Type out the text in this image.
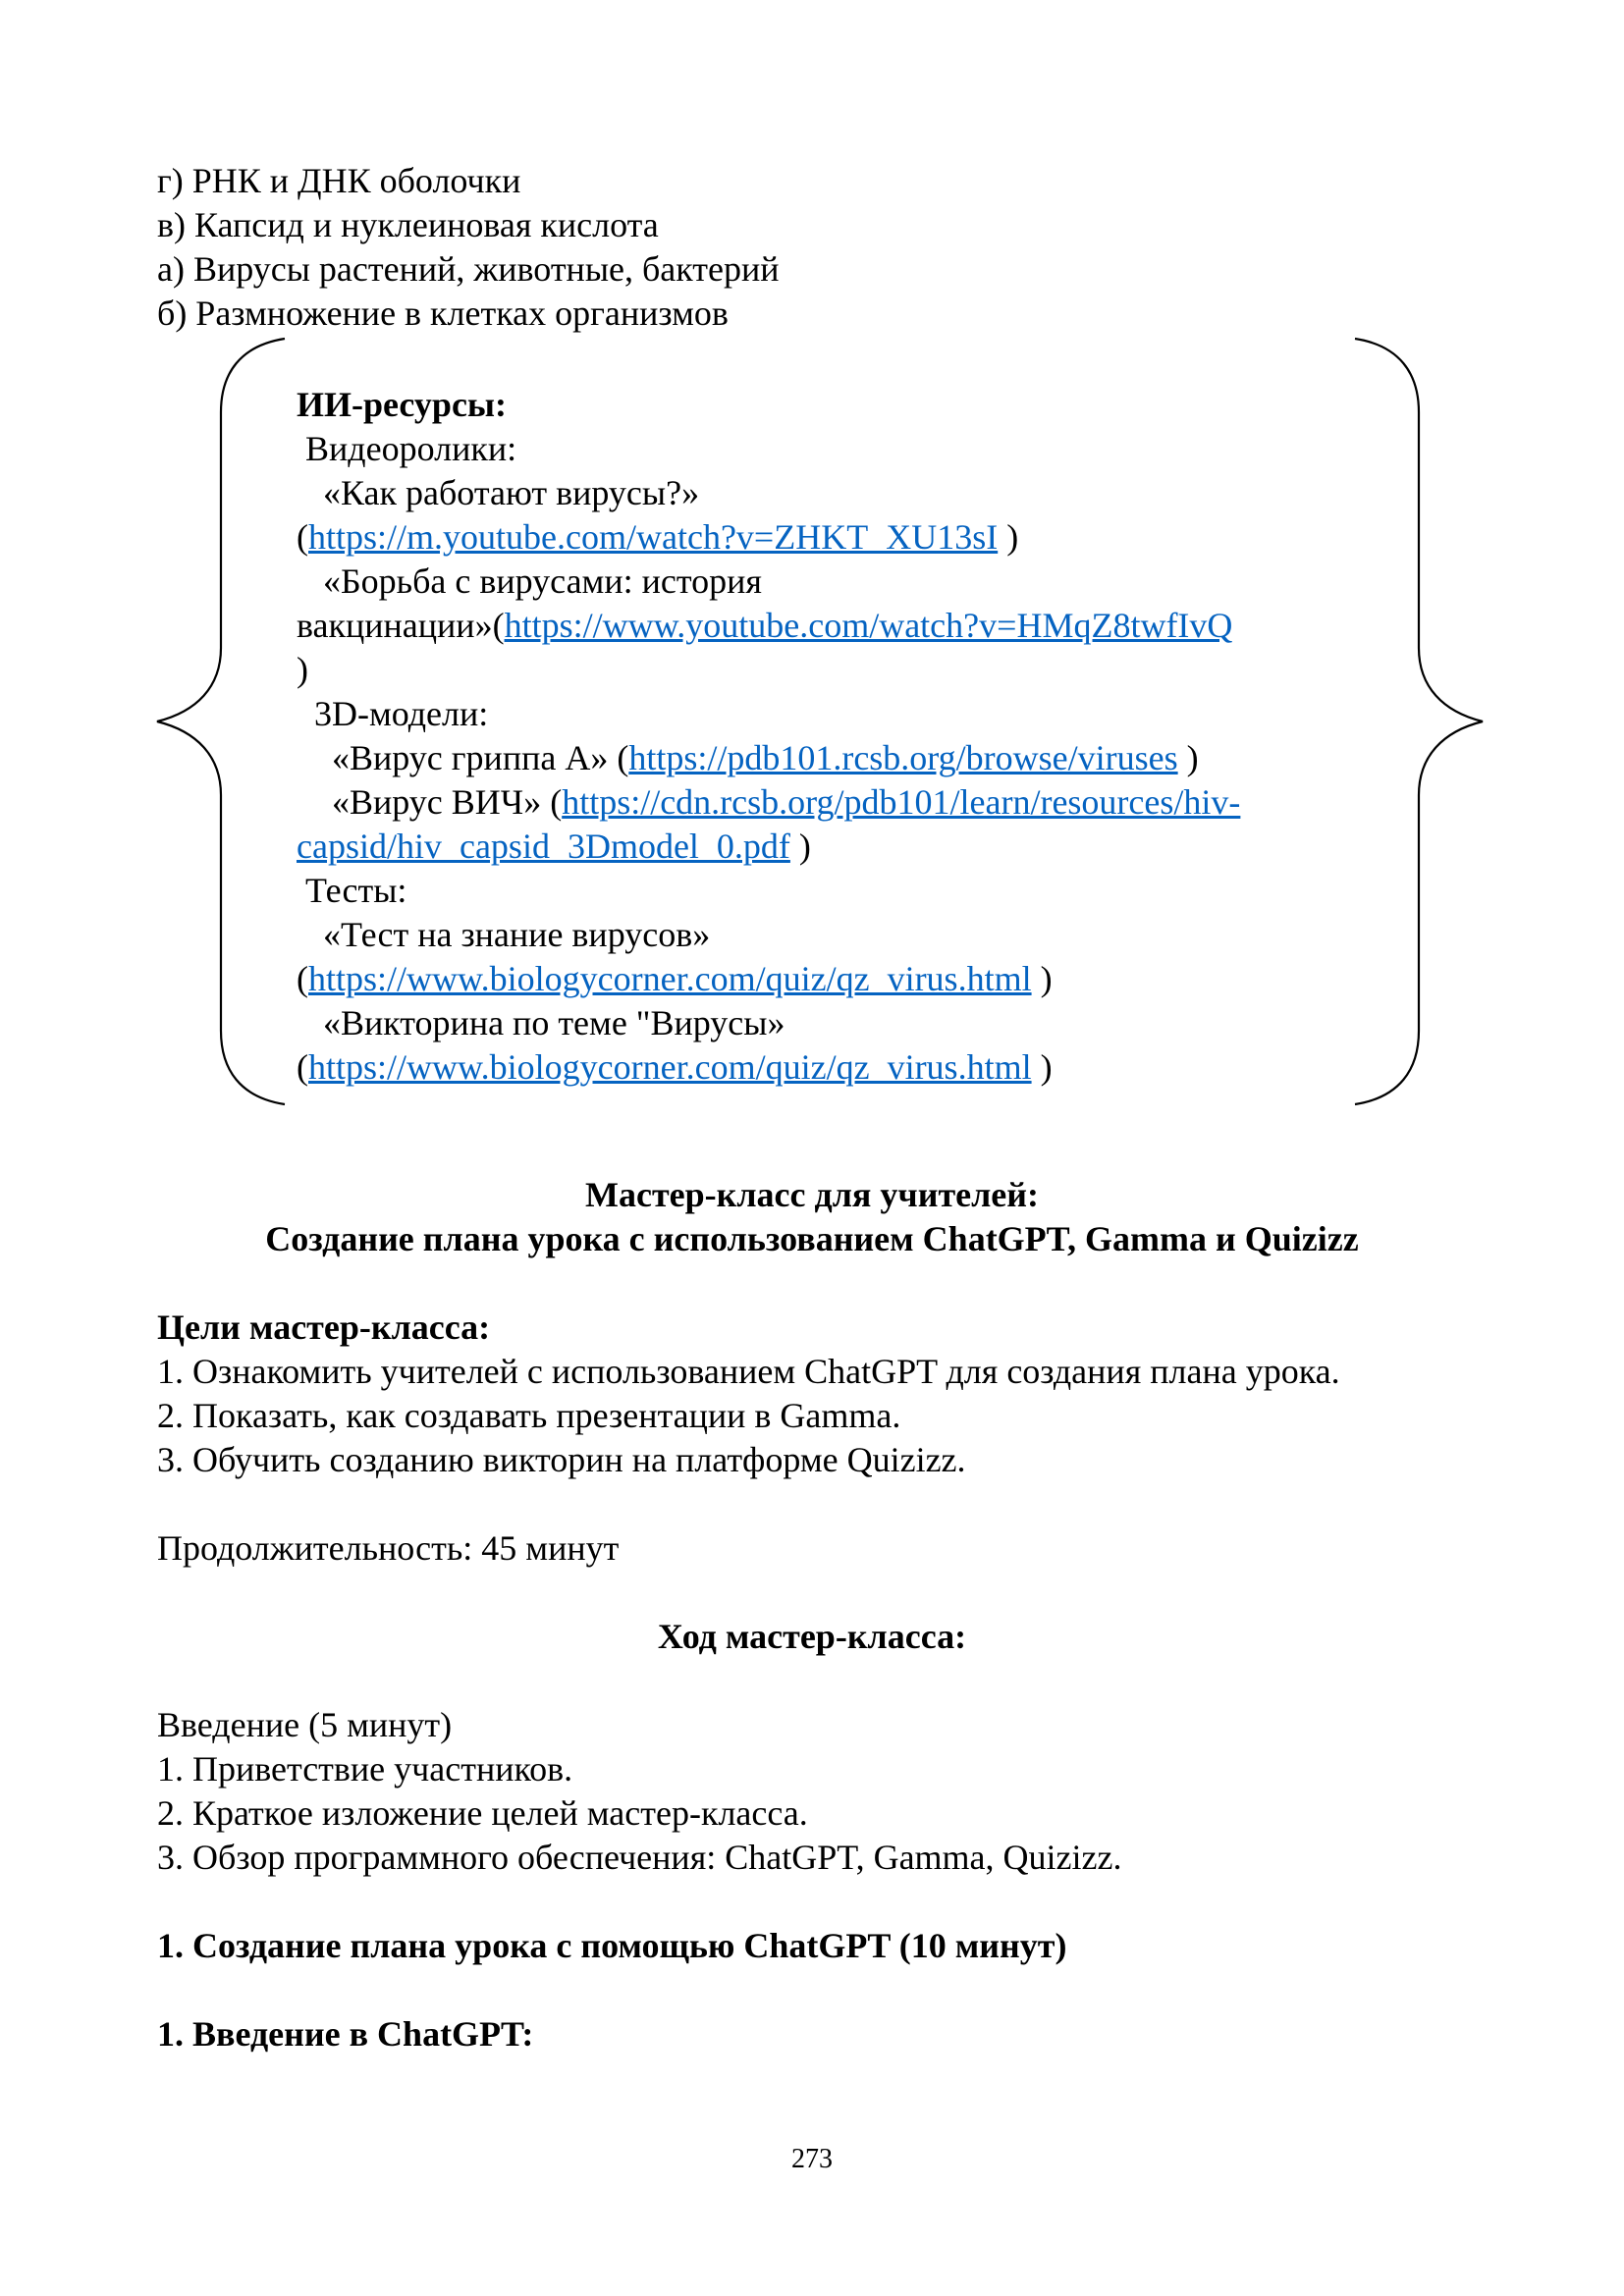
г) РНК и ДНК оболочки
в) Капсид и нуклеиновая кислота
а) Вирусы растений, животные, бактерий
б) Размножение в клетках организмов
ИИ-ресурсы:
Видеоролики:
«Как работают вирусы?»
(https://m.youtube.com/watch?v=ZHKT_XU13sI )
«Борьба с вирусами: история
вакцинации»(https://www.youtube.com/watch?v=HMqZ8twfIvQ
)
3D-модели:
«Вирус гриппа А» (https://pdb101.rcsb.org/browse/viruses )
«Вирус ВИЧ» (https://cdn.rcsb.org/pdb101/learn/resources/hiv-
capsid/hiv_capsid_3Dmodel_0.pdf )
Тесты:
«Тест на знание вирусов»
(https://www.biologycorner.com/quiz/qz_virus.html )
«Викторина по теме "Вирусы»
(https://www.biologycorner.com/quiz/qz_virus.html )
Мастер-класс для учителей:
Создание плана урока с использованием ChatGPT, Gamma и Quizizz
Цели мастер-класса:
1. Ознакомить учителей с использованием ChatGPT для создания плана урока.
2. Показать, как создавать презентации в Gamma.
3. Обучить созданию викторин на платформе Quizizz.
Продолжительность: 45 минут
Ход мастер-класса:
Введение (5 минут)
1. Приветствие участников.
2. Краткое изложение целей мастер-класса.
3. Обзор программного обеспечения: ChatGPT, Gamma, Quizizz.
1. Создание плана урока с помощью ChatGPT (10 минут)
1. Введение в ChatGPT:
273
